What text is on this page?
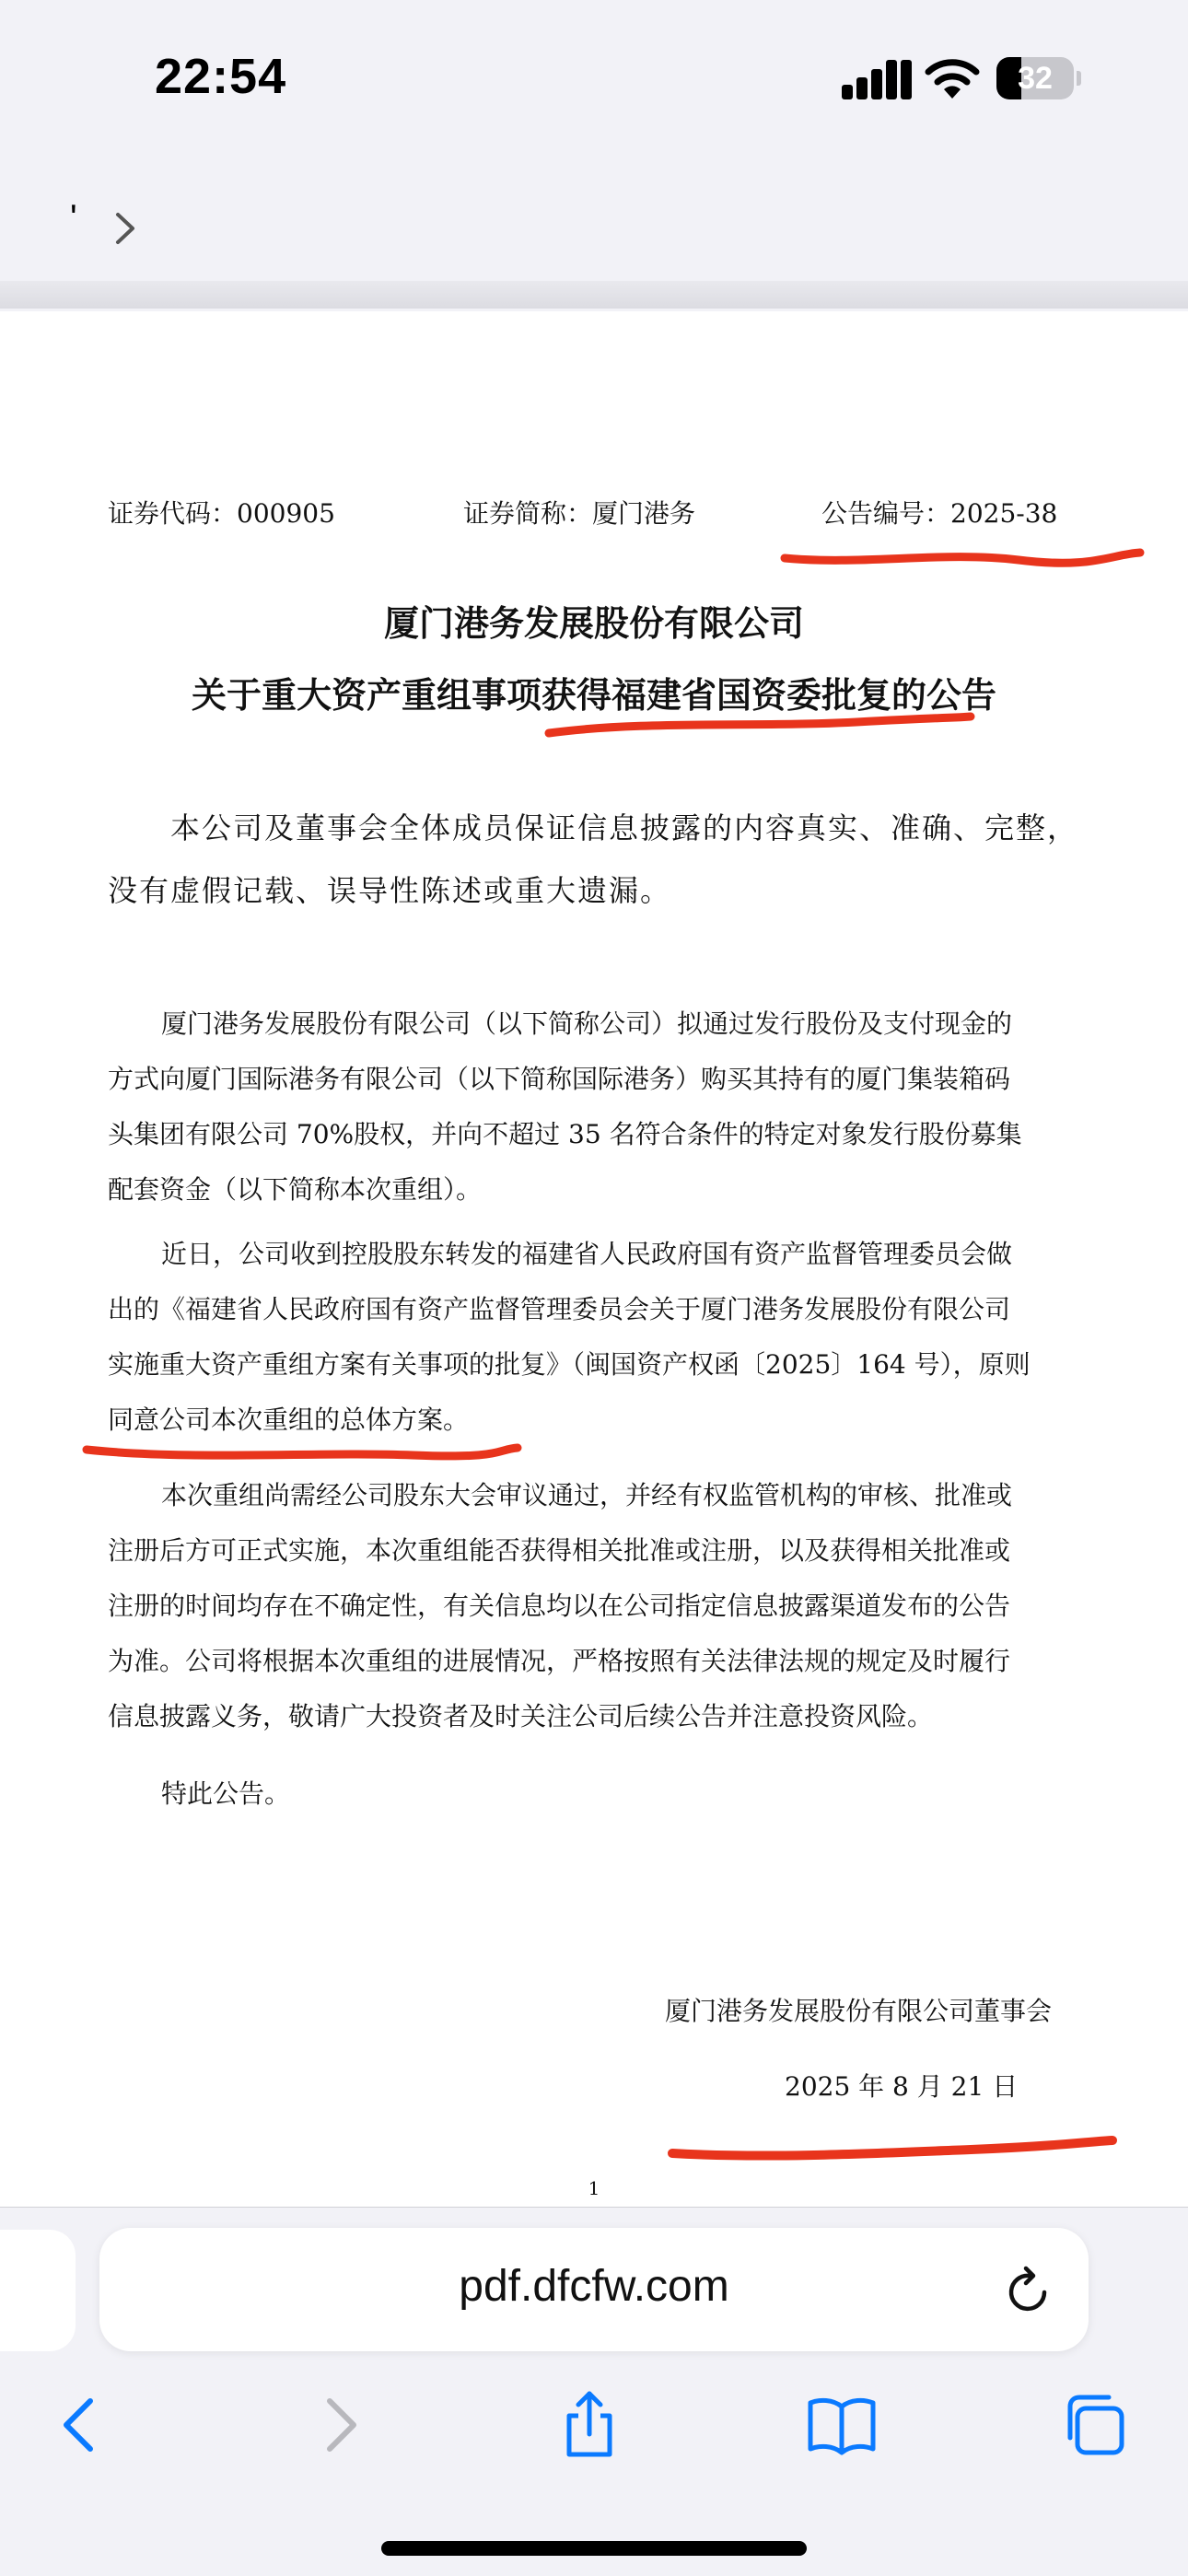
22:54	32
'
证券代码：000905	证券简称：厦门港务	公告编号：2025-38
厦门港务发展股份有限公司
关于重大资产重组事项获得福建省国资委批复的公告
本公司及董事会全体成员保证信息披露的内容真实、准确、完整，
没有虚假记载、误导性陈述或重大遗漏。
厦门港务发展股份有限公司（以下简称公司）拟通过发行股份及支付现金的
方式向厦门国际港务有限公司（以下简称国际港务）购买其持有的厦门集装箱码
头集团有限公司 70%股权，并向不超过 35 名符合条件的特定对象发行股份募集
配套资金（以下简称本次重组）。
近日，公司收到控股股东转发的福建省人民政府国有资产监督管理委员会做
出的《福建省人民政府国有资产监督管理委员会关于厦门港务发展股份有限公司
实施重大资产重组方案有关事项的批复》（闽国资产权函〔2025〕164 号），原则
同意公司本次重组的总体方案。
本次重组尚需经公司股东大会审议通过，并经有权监管机构的审核、批准或
注册后方可正式实施，本次重组能否获得相关批准或注册，以及获得相关批准或
注册的时间均存在不确定性，有关信息均以在公司指定信息披露渠道发布的公告
为准。公司将根据本次重组的进展情况，严格按照有关法律法规的规定及时履行
信息披露义务，敬请广大投资者及时关注公司后续公告并注意投资风险。
特此公告。
厦门港务发展股份有限公司董事会
2025 年 8 月 21 日
1
pdf.dfcfw.com
